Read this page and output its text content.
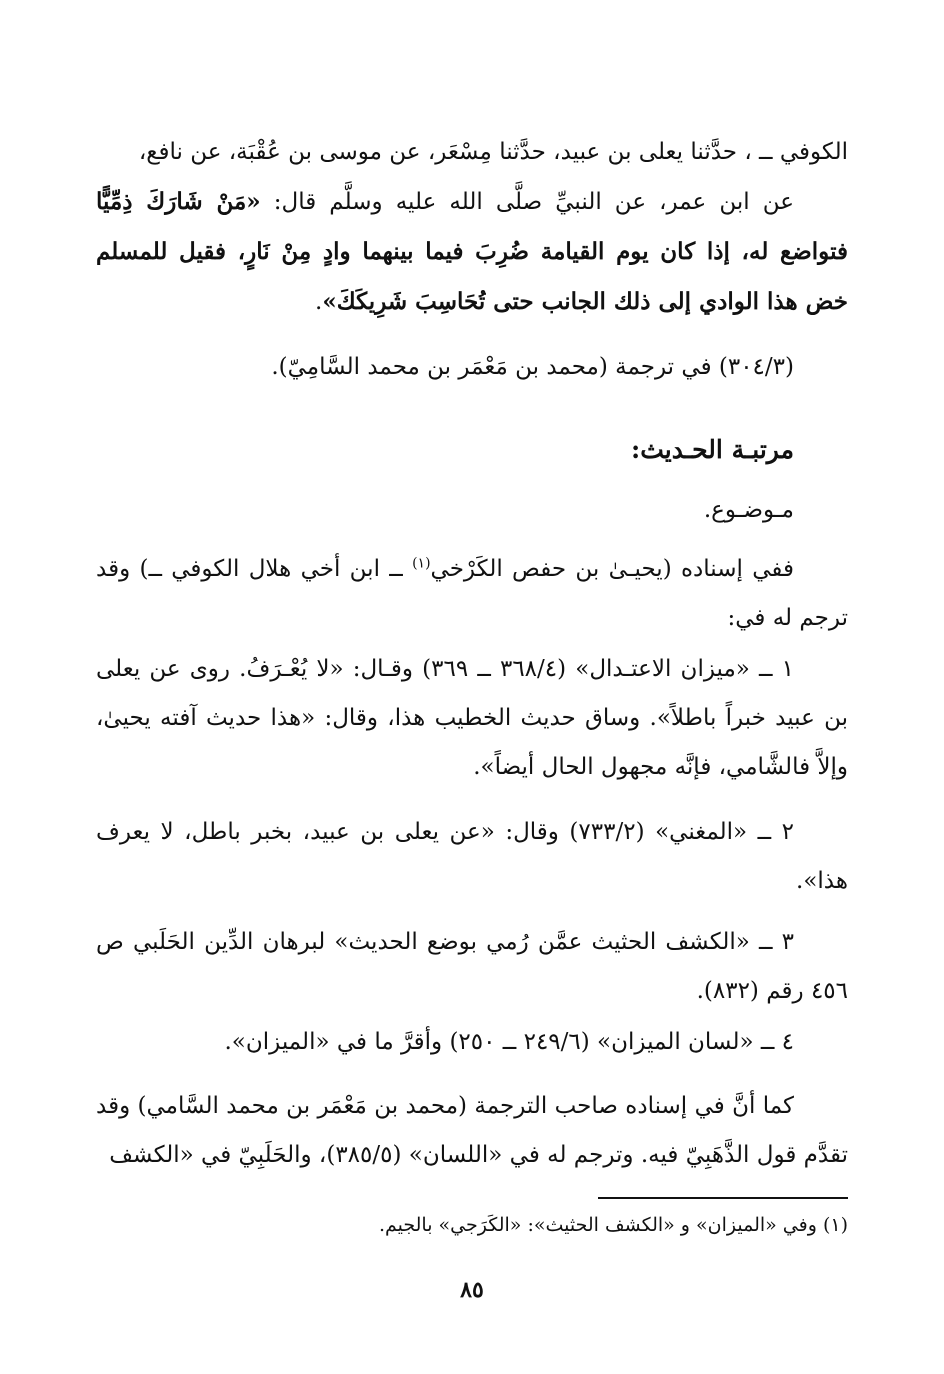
الكوفي ــ ، حدَّثنا يعلى بن عبيد، حدَّثنا مِسْعَر، عن موسى بن عُقْبَة، عن نافع،
عن ابن عمر، عن النبيِّ صلَّى الله عليه وسلَّم قال: «مَنْ شَارَكَ ذِمِّيًّا فتواضع له، إذا كان يوم القيامة ضُرِبَ فيما بينهما وادٍ مِنْ نَارٍ، فقيل للمسلم خض هذا الوادي إلى ذلك الجانب حتى تُحَاسِبَ شَرِيكَكَ».
(٣٠٤/٣) في ترجمة (محمد بن مَعْمَر بن محمد السَّامِيّ).
مرتبـة الحـديث:
مـوضـوع.
ففي إسناده (يحيـىٰ بن حفص الكَرْخي$^{(١)}$ ــ ابن أخي هلال الكوفي ــ) وقد ترجم له في:
١ ــ «ميزان الاعتـدال» (٣٦٨/٤ ــ ٣٦٩) وقـال: «لا يُعْـرَفُ. روى عن يعلى بن عبيد خبراً باطلاً». وساق حديث الخطيب هذا، وقال: «هذا حديث آفته يحيىٰ، وإلاَّ فالشَّامي، فإنَّه مجهول الحال أيضاً».
٢ ــ «المغني» (٧٣٣/٢) وقال: «عن يعلى بن عبيد، بخبر باطل، لا يعرف هذا».
٣ ــ «الكشف الحثيث عمَّن رُمي بوضع الحديث» لبرهان الدِّين الحَلَبي ص ٤٥٦ رقم (٨٣٢).
٤ ــ «لسان الميزان» (٢٤٩/٦ ــ ٢٥٠) وأقرَّ ما في «الميزان».
كما أنَّ في إسناده صاحب الترجمة (محمد بن مَعْمَر بن محمد السَّامي) وقد تقدَّم قول الذَّهَبِيّ فيه. وترجم له في «اللسان» (٣٨٥/٥)، والحَلَبِيّ في «الكشف
(١) وفي «الميزان» و «الكشف الحثيث»: «الكَرَجي» بالجيم.
٨٥
